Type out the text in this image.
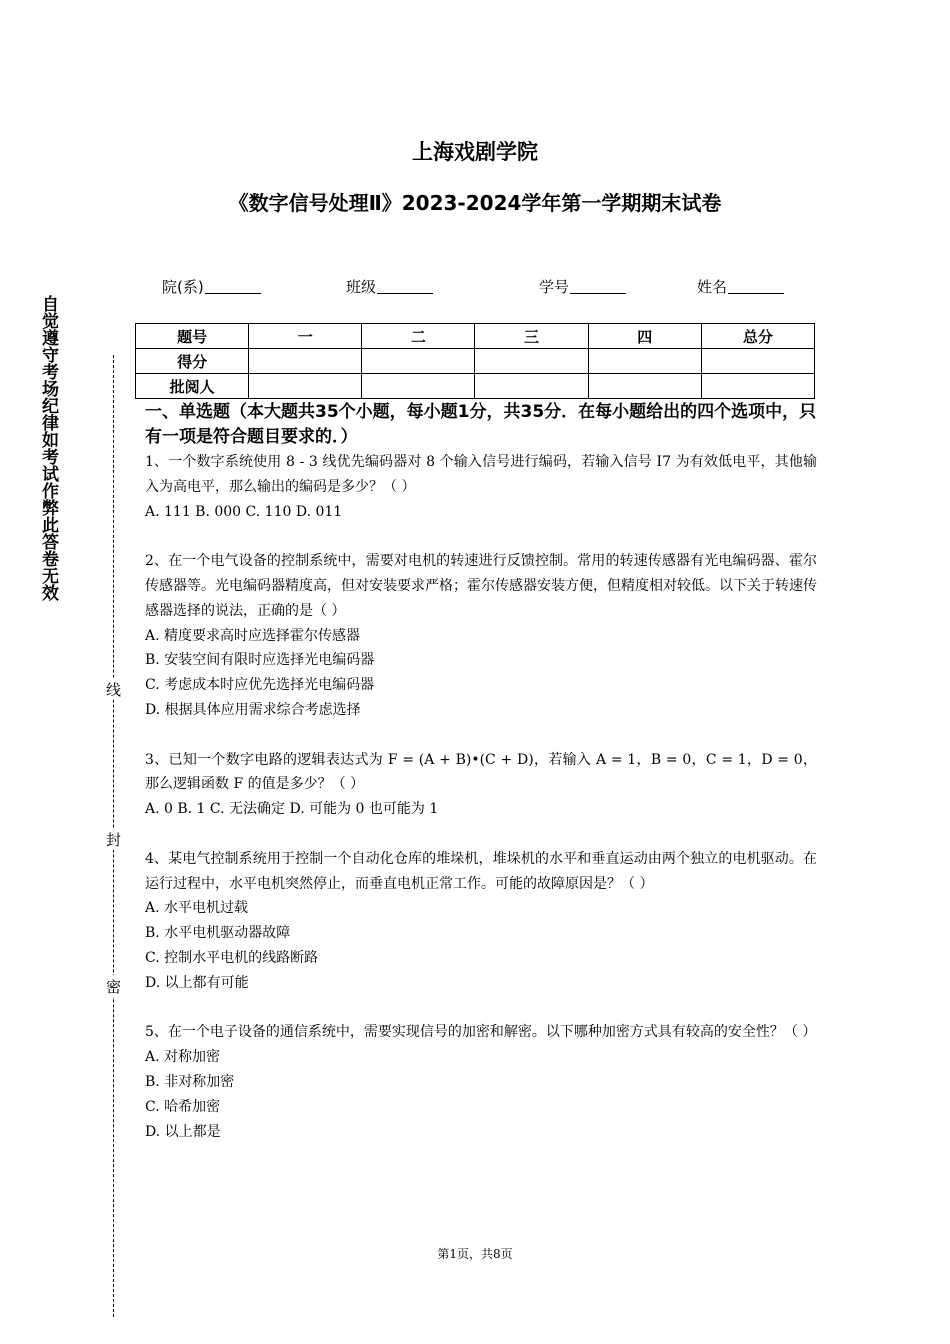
自觉遵守考场纪律如考试作弊此答卷无效
线
封
密
上海戏剧学院
《数字信号处理Ⅱ》2023-2024学年第一学期期末试卷
院(系)	班级	学号	姓名
题号	一	二	三	四	总分
得分					
批阅人					

一、单选题（本大题共35个小题，每小题1分，共35分．在每小题给出的四个选项中，只有一项是符合题目要求的．）

1、一个数字系统使用 8 - 3 线优先编码器对 8 个输入信号进行编码，若输入信号 I7 为有效低电平，其他输入为高电平，那么输出的编码是多少？（ ）

A. 111 B. 000 C. 110 D. 011

2、在一个电气设备的控制系统中，需要对电机的转速进行反馈控制。常用的转速传感器有光电编码器、霍尔传感器等。光电编码器精度高，但对安装要求严格；霍尔传感器安装方便，但精度相对较低。以下关于转速传感器选择的说法，正确的是（ ）

A. 精度要求高时应选择霍尔传感器

B. 安装空间有限时应选择光电编码器

C. 考虑成本时应优先选择光电编码器

D. 根据具体应用需求综合考虑选择

3、已知一个数字电路的逻辑表达式为 F = (A + B)•(C + D)，若输入 A = 1，B = 0，C = 1，D = 0，那么逻辑函数 F 的值是多少？（ ）

A. 0 B. 1 C. 无法确定 D. 可能为 0 也可能为 1

4、某电气控制系统用于控制一个自动化仓库的堆垛机，堆垛机的水平和垂直运动由两个独立的电机驱动。在运行过程中，水平电机突然停止，而垂直电机正常工作。可能的故障原因是？（ ）

A. 水平电机过载

B. 水平电机驱动器故障

C. 控制水平电机的线路断路

D. 以上都有可能

5、在一个电子设备的通信系统中，需要实现信号的加密和解密。以下哪种加密方式具有较高的安全性？（ ）

A. 对称加密

B. 非对称加密

C. 哈希加密

D. 以上都是

第1页，共8页
